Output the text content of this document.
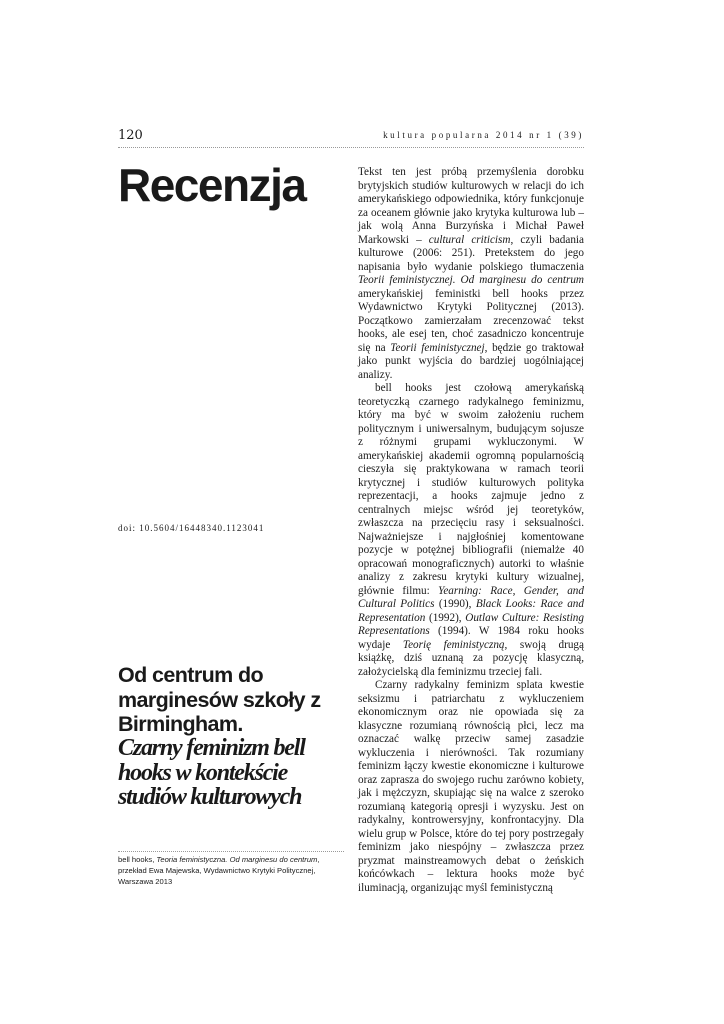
120	kultura popularna 2014 nr 1 (39)
Recenzja
doi: 10.5604/16448340.1123041
Od centrum do marginesów szkoły z Birmingham.
Czarny feminizm bell hooks w kontekście studiów kulturowych

bell hooks, Teoria feministyczna. Od marginesu do centrum, przekład Ewa Majewska, Wydawnictwo Krytyki Politycznej, Warszawa 2013

Tekst ten jest próbą przemyślenia dorobku brytyjskich studiów kulturowych w relacji do ich amerykańskiego odpowiednika, który funkcjonuje za oceanem głównie jako krytyka kulturowa lub – jak wolą Anna Burzyńska i Michał Paweł Markowski – cultural criticism, czyli badania kulturowe (2006: 251). Pretekstem do jego napisania było wydanie polskiego tłumaczenia Teorii feministycznej. Od marginesu do centrum amerykańskiej feministki bell hooks przez Wydawnictwo Krytyki Politycznej (2013). Początkowo zamierzałam zrecenzować tekst hooks, ale esej ten, choć zasadniczo koncentruje się na Teorii feministycznej, będzie go traktował jako punkt wyjścia do bardziej uogólniającej analizy.

bell hooks jest czołową amerykańską teoretyczką czarnego radykalnego feminizmu, który ma być w swoim założeniu ruchem politycznym i uniwersalnym, budującym sojusze z różnymi grupami wykluczonymi. W amerykańskiej akademii ogromną popularnością cieszyła się praktykowana w ramach teorii krytycznej i studiów kulturowych polityka reprezentacji, a hooks zajmuje jedno z centralnych miejsc wśród jej teoretyków, zwłaszcza na przecięciu rasy i seksualności. Najważniejsze i najgłośniej komentowane pozycje w potężnej bibliografii (niemalże 40 opracowań monograficznych) autorki to właśnie analizy z zakresu krytyki kultury wizualnej, głównie filmu: Yearning: Race, Gender, and Cultural Politics (1990), Black Looks: Race and Representation (1992), Outlaw Culture: Resisting Representations (1994). W 1984 roku hooks wydaje Teorię feministyczną, swoją drugą książkę, dziś uznaną za pozycję klasyczną, założycielską dla feminizmu trzeciej fali.

Czarny radykalny feminizm splata kwestie seksizmu i patriarchatu z wykluczeniem ekonomicznym oraz nie opowiada się za klasyczne rozumianą równością płci, lecz ma oznaczać walkę przeciw samej zasadzie wykluczenia i nierówności. Tak rozumiany feminizm łączy kwestie ekonomiczne i kulturowe oraz zaprasza do swojego ruchu zarówno kobiety, jak i mężczyzn, skupiając się na walce z szeroko rozumianą kategorią opresji i wyzysku. Jest on radykalny, kontrowersyjny, konfrontacyjny. Dla wielu grup w Polsce, które do tej pory postrzegały feminizm jako niespójny – zwłaszcza przez pryzmat mainstreamowych debat o żeńskich końcówkach – lektura hooks może być iluminacją, organizując myśl feministyczną
